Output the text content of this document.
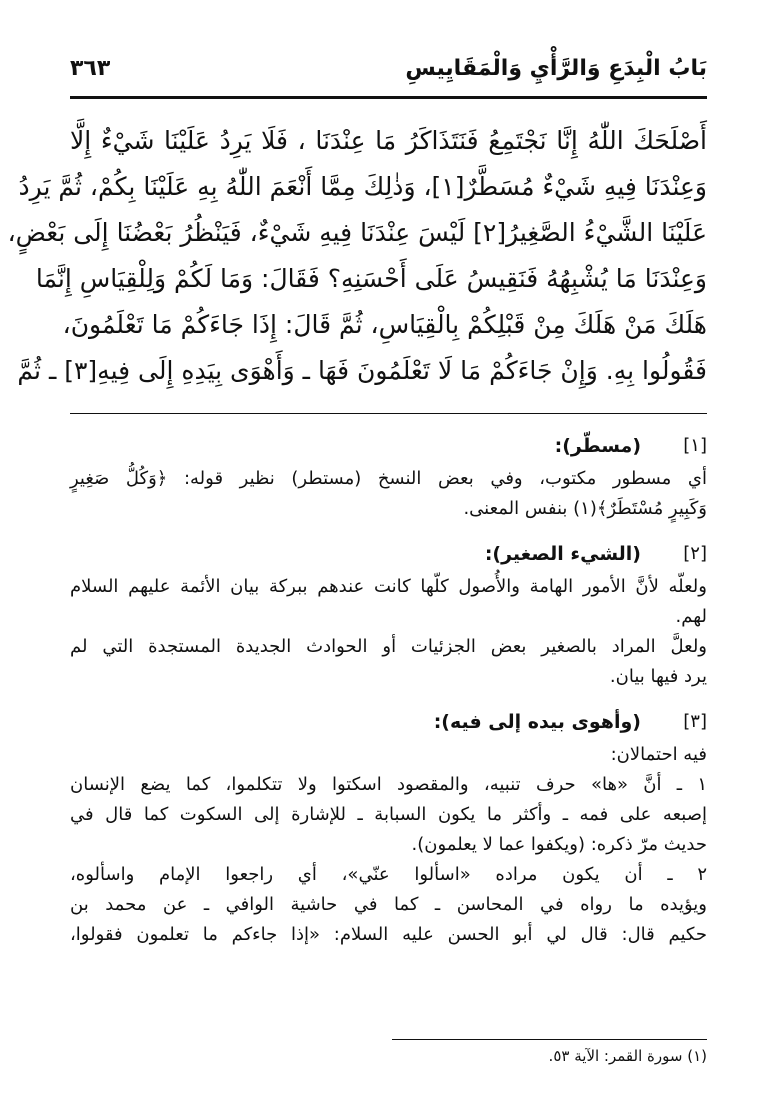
بَابُ الْبِدَعِ وَالرَّأْيِ وَالْمَقَايِيسِ
٣٦٣
أَصْلَحَكَ اللّٰهُ إِنَّا نَجْتَمِعُ فَنَتَذَاكَرُ مَا عِنْدَنَا ، فَلَا يَرِدُ عَلَيْنَا شَيْءٌ إِلَّا
وَعِنْدَنَا فِيهِ شَيْءٌ مُسَطَّرٌ[١]، وَذٰلِكَ مِمَّا أَنْعَمَ اللّٰهُ بِهِ عَلَيْنَا بِكُمْ، ثُمَّ يَرِدُ
عَلَيْنَا الشَّيْءُ الصَّغِيرُ[٢] لَيْسَ عِنْدَنَا فِيهِ شَيْءٌ، فَيَنْظُرُ بَعْضُنَا إِلَى بَعْضٍ،
وَعِنْدَنَا مَا يُشْبِهُهُ فَنَقِيسُ عَلَى أَحْسَنِهِ؟ فَقَالَ: وَمَا لَكُمْ وَلِلْقِيَاسِ إِنَّمَا
هَلَكَ مَنْ هَلَكَ مِنْ قَبْلِكُمْ بِالْقِيَاسِ، ثُمَّ قَالَ: إِذَا جَاءَكُمْ مَا تَعْلَمُونَ،
فَقُولُوا بِهِ. وَإِنْ جَاءَكُمْ مَا لَا تَعْلَمُونَ فَهَا ـ وَأَهْوَى بِيَدِهِ إِلَى فِيهِ[٣] ـ ثُمَّ
[١]
(مسطّر):
أي مسطور مكتوب، وفي بعض النسخ (مستطر) نظير قوله: ﴿وَكُلُّ صَغِيرٍ
وَكَبِيرٍ مُسْتَطَرٌ﴾(١) بنفس المعنى.
[٢]
(الشيء الصغير):
ولعلّه لأنَّ الأمور الهامة والأُصول كلّها كانت عندهم ببركة بيان الأئمة عليهم السلام
لهم.
ولعلَّ المراد بالصغير بعض الجزئيات أو الحوادث الجديدة المستجدة التي لم
يرد فيها بيان.
[٣]
(وأهوى بيده إلى فيه):
فيه احتمالان:
١ ـ أنَّ «ها» حرف تنبيه، والمقصود اسكتوا ولا تتكلموا، كما يضع الإنسان
إصبعه على فمه ـ وأكثر ما يكون السبابة ـ للإشارة إلى السكوت كما قال في
حديث مرّ ذكره: (ويكفوا عما لا يعلمون).
٢ ـ أن يكون مراده «اسألوا عنّي»، أي راجعوا الإمام واسألوه،
ويؤيده ما رواه في المحاسن ـ كما في حاشية الوافي ـ عن محمد بن
حكيم قال: قال لي أبو الحسن عليه السلام: «إذا جاءكم ما تعلمون فقولوا،
(١) سورة القمر: الآية ٥٣.
